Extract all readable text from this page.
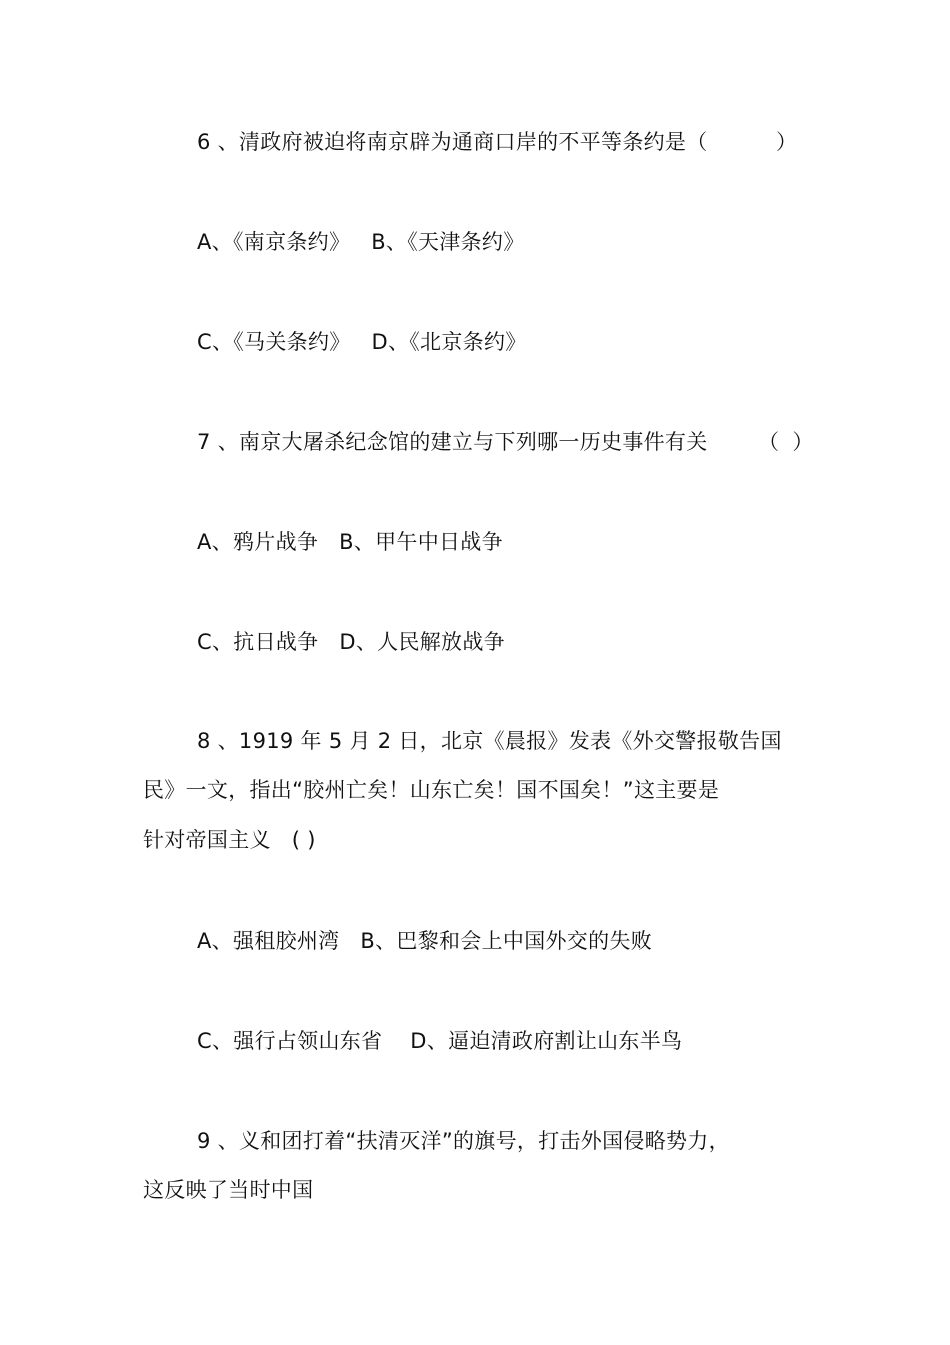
6 、清政府被迫将南京辟为通商口岸的不平等条约是（	）
A、《南京条约》   B、《天津条约》
C、《马关条约》   D、《北京条约》
7 、南京大屠杀纪念馆的建立与下列哪一历史事件有关 （  ）
A、鸦片战争   B、甲午中日战争
C、抗日战争   D、人民解放战争
8 、1919 年 5 月 2 日，北京《晨报》发表《外交警报敬告国
民》一文，指出“胶州亡矣！山东亡矣！国不国矣！”这主要是
针对帝国主义   ( )
A、强租胶州湾   B、巴黎和会上中国外交的失败
C、强行占领山东省    D、逼迫清政府割让山东半鸟
9 、义和团打着“扶清灭洋”的旗号，打击外国侵略势力，
这反映了当时中国
